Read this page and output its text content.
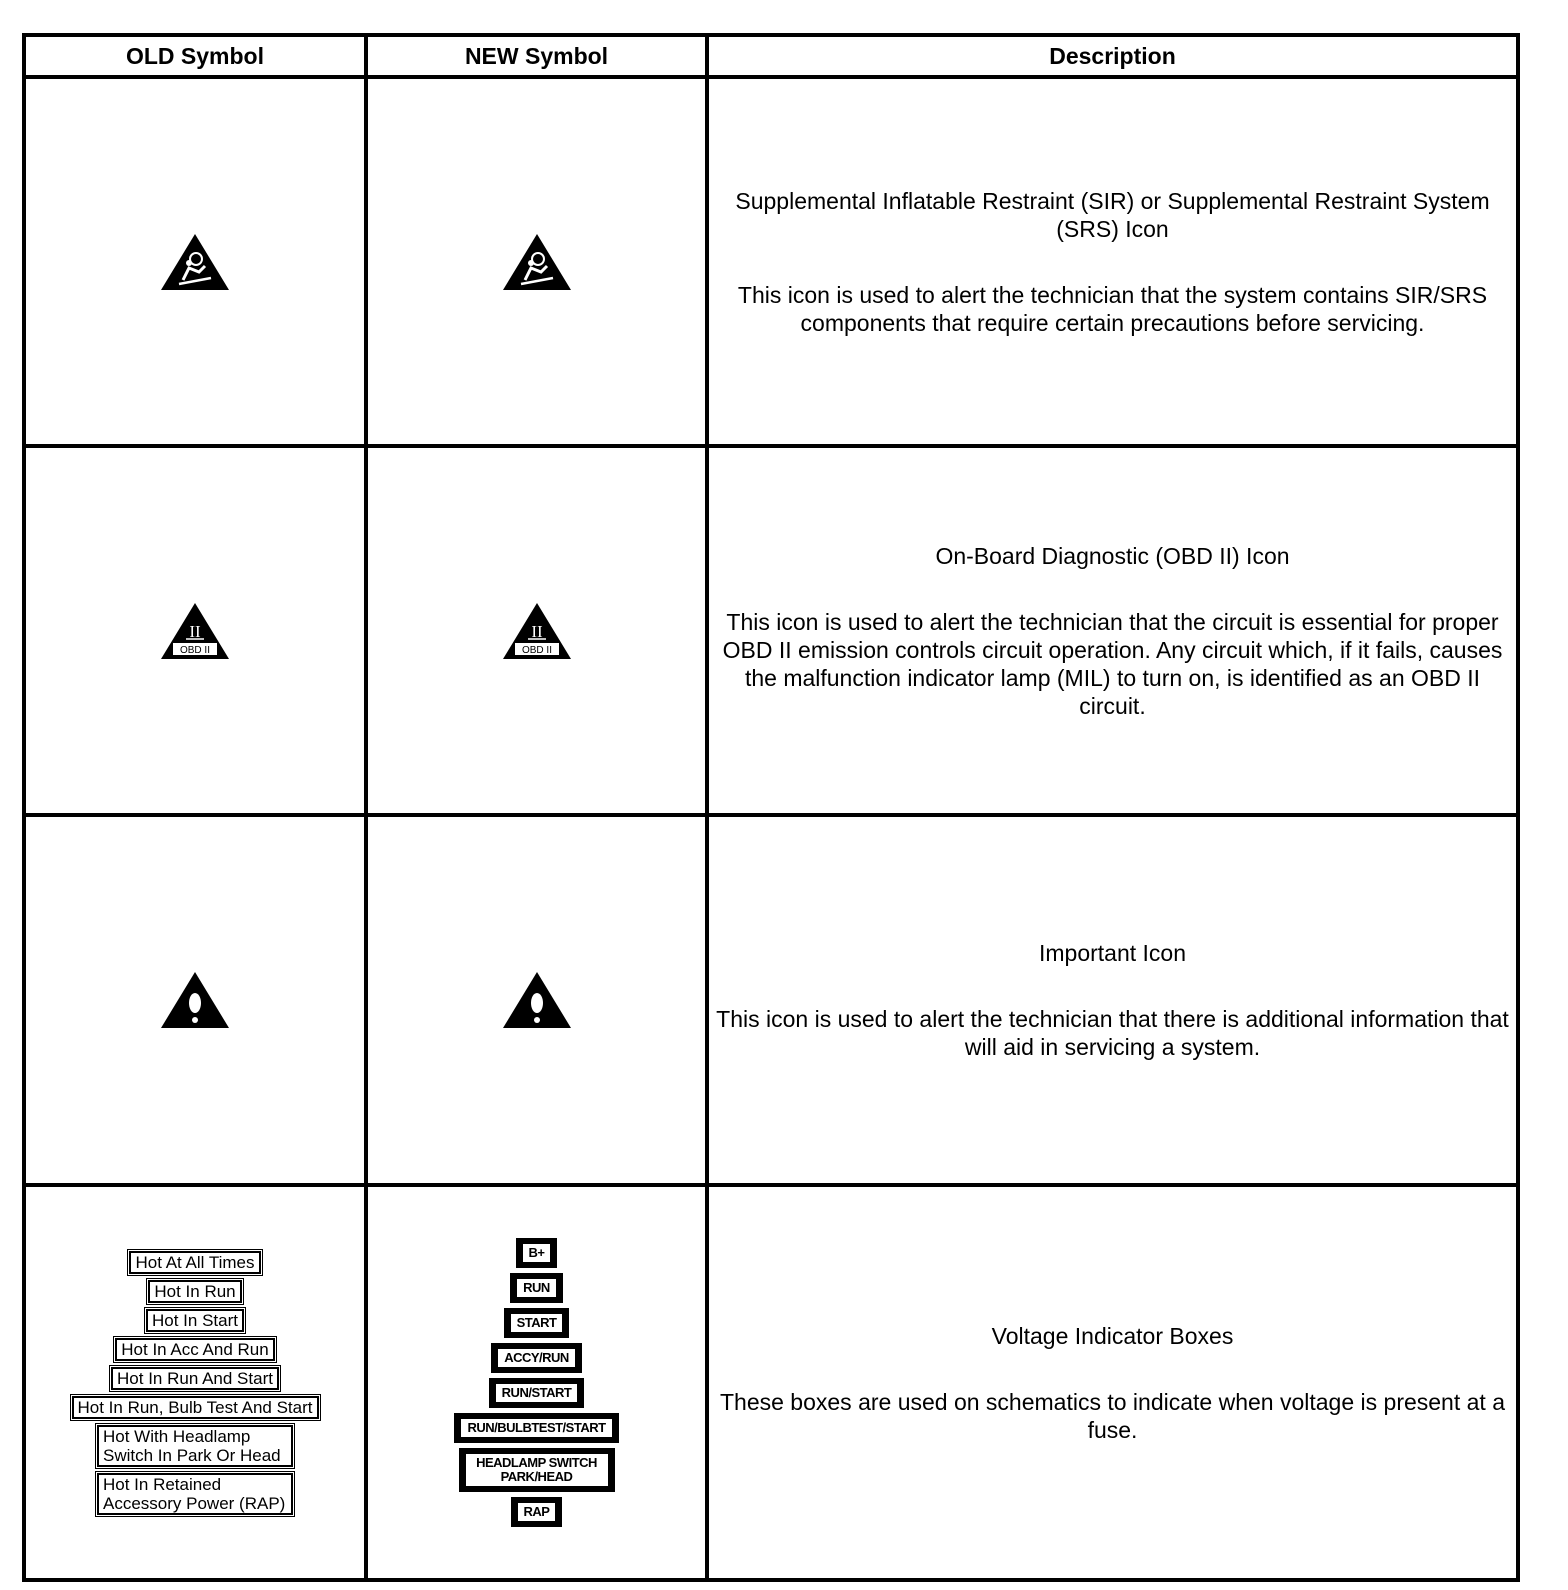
OLD Symbol	NEW Symbol	Description

Supplemental Inflatable Restraint (SIR) or Supplemental Restraint System (SRS) Icon

This icon is used to alert the technician that the system contains SIR/SRS components that require certain precautions before servicing.

II
OBD II
II
OBD II

On-Board Diagnostic (OBD II) Icon

This icon is used to alert the technician that the circuit is essential for proper OBD II emission controls circuit operation. Any circuit which, if it fails, causes the malfunction indicator lamp (MIL) to turn on, is identified as an OBD II circuit.

Important Icon

This icon is used to alert the technician that there is additional information that will aid in servicing a system.

Hot At All Times
Hot In Run
Hot In Start
Hot In Acc And Run
Hot In Run And Start
Hot In Run, Bulb Test And Start
Hot With Headlamp Switch In Park Or Head
Hot In Retained Accessory Power (RAP)
B+
RUN
START
ACCY/RUN
RUN/START
RUN/BULBTEST/START
HEADLAMP SWITCH PARK/HEAD
RAP

Voltage Indicator Boxes

These boxes are used on schematics to indicate when voltage is present at a fuse.
